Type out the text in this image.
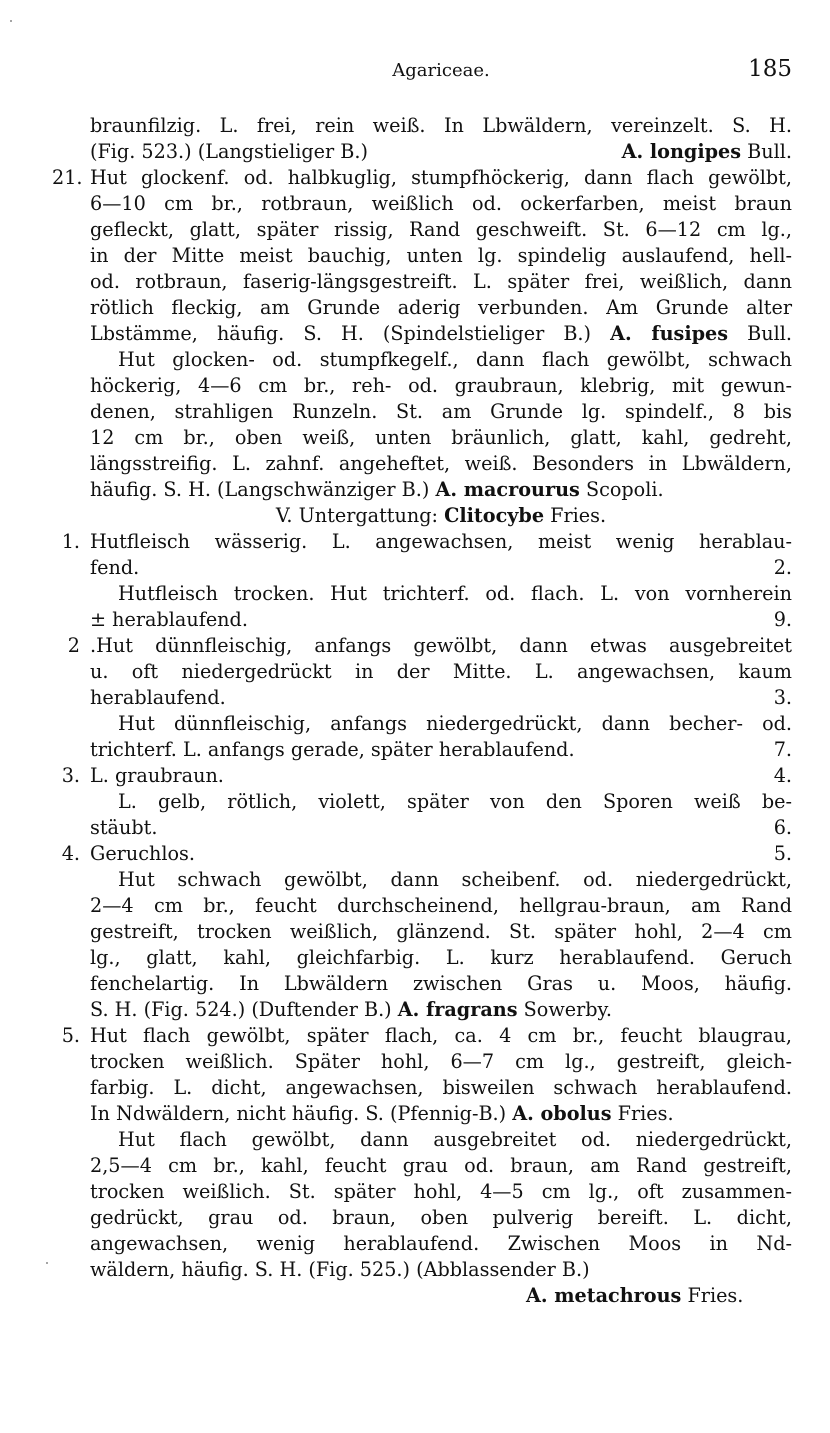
Agariceae.	185
braunfilzig. L. frei, rein weiß. In Lbwäldern, vereinzelt. S. H.
(Fig. 523.) (Langstieliger B.)	A. longipes Bull.
21. Hut glockenf. od. halbkuglig, stumpfhöckerig, dann flach gewölbt,
6—10 cm br., rotbraun, weißlich od. ockerfarben, meist braun
gefleckt, glatt, später rissig, Rand geschweift. St. 6—12 cm lg.,
in der Mitte meist bauchig, unten lg. spindelig auslaufend, hell-
od. rotbraun, faserig-längsgestreift. L. später frei, weißlich, dann
rötlich fleckig, am Grunde aderig verbunden. Am Grunde alter
Lbstämme, häufig. S. H. (Spindelstieliger B.) A. fusipes Bull.
Hut glocken- od. stumpfkegelf., dann flach gewölbt, schwach
höckerig, 4—6 cm br., reh- od. graubraun, klebrig, mit gewun-
denen, strahligen Runzeln. St. am Grunde lg. spindelf., 8 bis
12 cm br., oben weiß, unten bräunlich, glatt, kahl, gedreht,
längsstreifig. L. zahnf. angeheftet, weiß. Besonders in Lbwäldern,
häufig. S. H. (Langschwänziger B.) A. macrourus Scopoli.
V. Untergattung: Clitocybe Fries.
1. Hutfleisch wässerig. L. angewachsen, meist wenig herablau-
fend.	2.
Hutfleisch trocken. Hut trichterf. od. flach. L. von vornherein
± herablaufend.	9.
2 .Hut dünnfleischig, anfangs gewölbt, dann etwas ausgebreitet
u. oft niedergedrückt in der Mitte. L. angewachsen, kaum
herablaufend.	3.
Hut dünnfleischig, anfangs niedergedrückt, dann becher- od.
trichterf. L. anfangs gerade, später herablaufend.	7.
3. L. graubraun.	4.
L. gelb, rötlich, violett, später von den Sporen weiß be-
stäubt.	6.
4. Geruchlos.	5.
Hut schwach gewölbt, dann scheibenf. od. niedergedrückt,
2—4 cm br., feucht durchscheinend, hellgrau-braun, am Rand
gestreift, trocken weißlich, glänzend. St. später hohl, 2—4 cm
lg., glatt, kahl, gleichfarbig. L. kurz herablaufend. Geruch
fenchelartig. In Lbwäldern zwischen Gras u. Moos, häufig.
S. H. (Fig. 524.) (Duftender B.) A. fragrans Sowerby.
5. Hut flach gewölbt, später flach, ca. 4 cm br., feucht blaugrau,
trocken weißlich. Später hohl, 6—7 cm lg., gestreift, gleich-
farbig. L. dicht, angewachsen, bisweilen schwach herablaufend.
In Ndwäldern, nicht häufig. S. (Pfennig-B.) A. obolus Fries.
Hut flach gewölbt, dann ausgebreitet od. niedergedrückt,
2,5—4 cm br., kahl, feucht grau od. braun, am Rand gestreift,
trocken weißlich. St. später hohl, 4—5 cm lg., oft zusammen-
gedrückt, grau od. braun, oben pulverig bereift. L. dicht,
angewachsen, wenig herablaufend. Zwischen Moos in Nd-
wäldern, häufig. S. H. (Fig. 525.) (Abblassender B.)
A. metachrous Fries.
